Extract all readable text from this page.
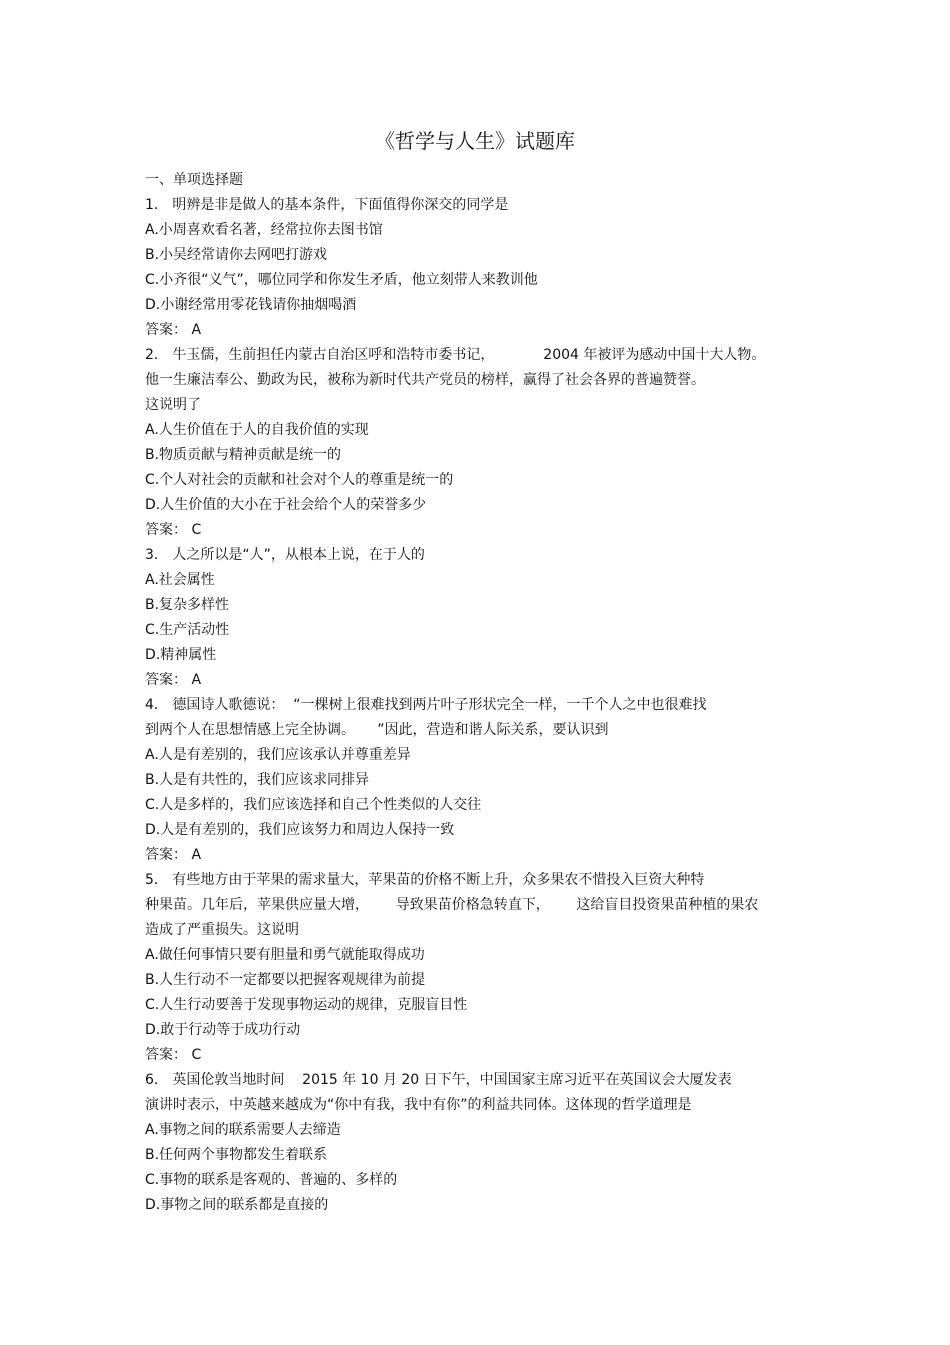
《哲学与人生》试题库
一、单项选择题
1． 明辨是非是做人的基本条件，下面值得你深交的同学是
A.小周喜欢看名著，经常拉你去图书馆
B.小吴经常请你去网吧打游戏
C.小齐很“义气”，哪位同学和你发生矛盾，他立刻带人来教训他
D.小谢经常用零花钱请你抽烟喝酒
答案： A
2． 牛玉儒，生前担任内蒙古自治区呼和浩特市委书记，           2004 年被评为感动中国十大人物。
他一生廉洁奉公、勤政为民，被称为新时代共产党员的榜样，赢得了社会各界的普遍赞誉。
这说明了
A.人生价值在于人的自我价值的实现
B.物质贡献与精神贡献是统一的
C.个人对社会的贡献和社会对个人的尊重是统一的
D.人生价值的大小在于社会给个人的荣誉多少
答案： C
3． 人之所以是“人”，从根本上说，在于人的
A.社会属性
B.复杂多样性
C.生产活动性
D.精神属性
答案： A
4． 德国诗人歌德说：  “一棵树上很难找到两片叶子形状完全一样，一千个人之中也很难找
到两个人在思想情感上完全协调。     ”因此，营造和谐人际关系，要认识到
A.人是有差别的，我们应该承认并尊重差异
B.人是有共性的，我们应该求同排异
C.人是多样的，我们应该选择和自己个性类似的人交往
D.人是有差别的，我们应该努力和周边人保持一致
答案： A
5． 有些地方由于苹果的需求量大，苹果苗的价格不断上升，众多果农不惜投入巨资大种特
种果苗。几年后，苹果供应量大增，      导致果苗价格急转直下，      这给盲目投资果苗种植的果农
造成了严重损失。这说明
A.做任何事情只要有胆量和勇气就能取得成功
B.人生行动不一定都要以把握客观规律为前提
C.人生行动要善于发现事物运动的规律，克服盲目性
D.敢于行动等于成功行动
答案： C
6． 英国伦敦当地时间    2015 年 10 月 20 日下午，中国国家主席习近平在英国议会大厦发表
演讲时表示，中英越来越成为“你中有我，我中有你”的利益共同体。这体现的哲学道理是
A.事物之间的联系需要人去缔造
B.任何两个事物都发生着联系
C.事物的联系是客观的、普遍的、多样的
D.事物之间的联系都是直接的
